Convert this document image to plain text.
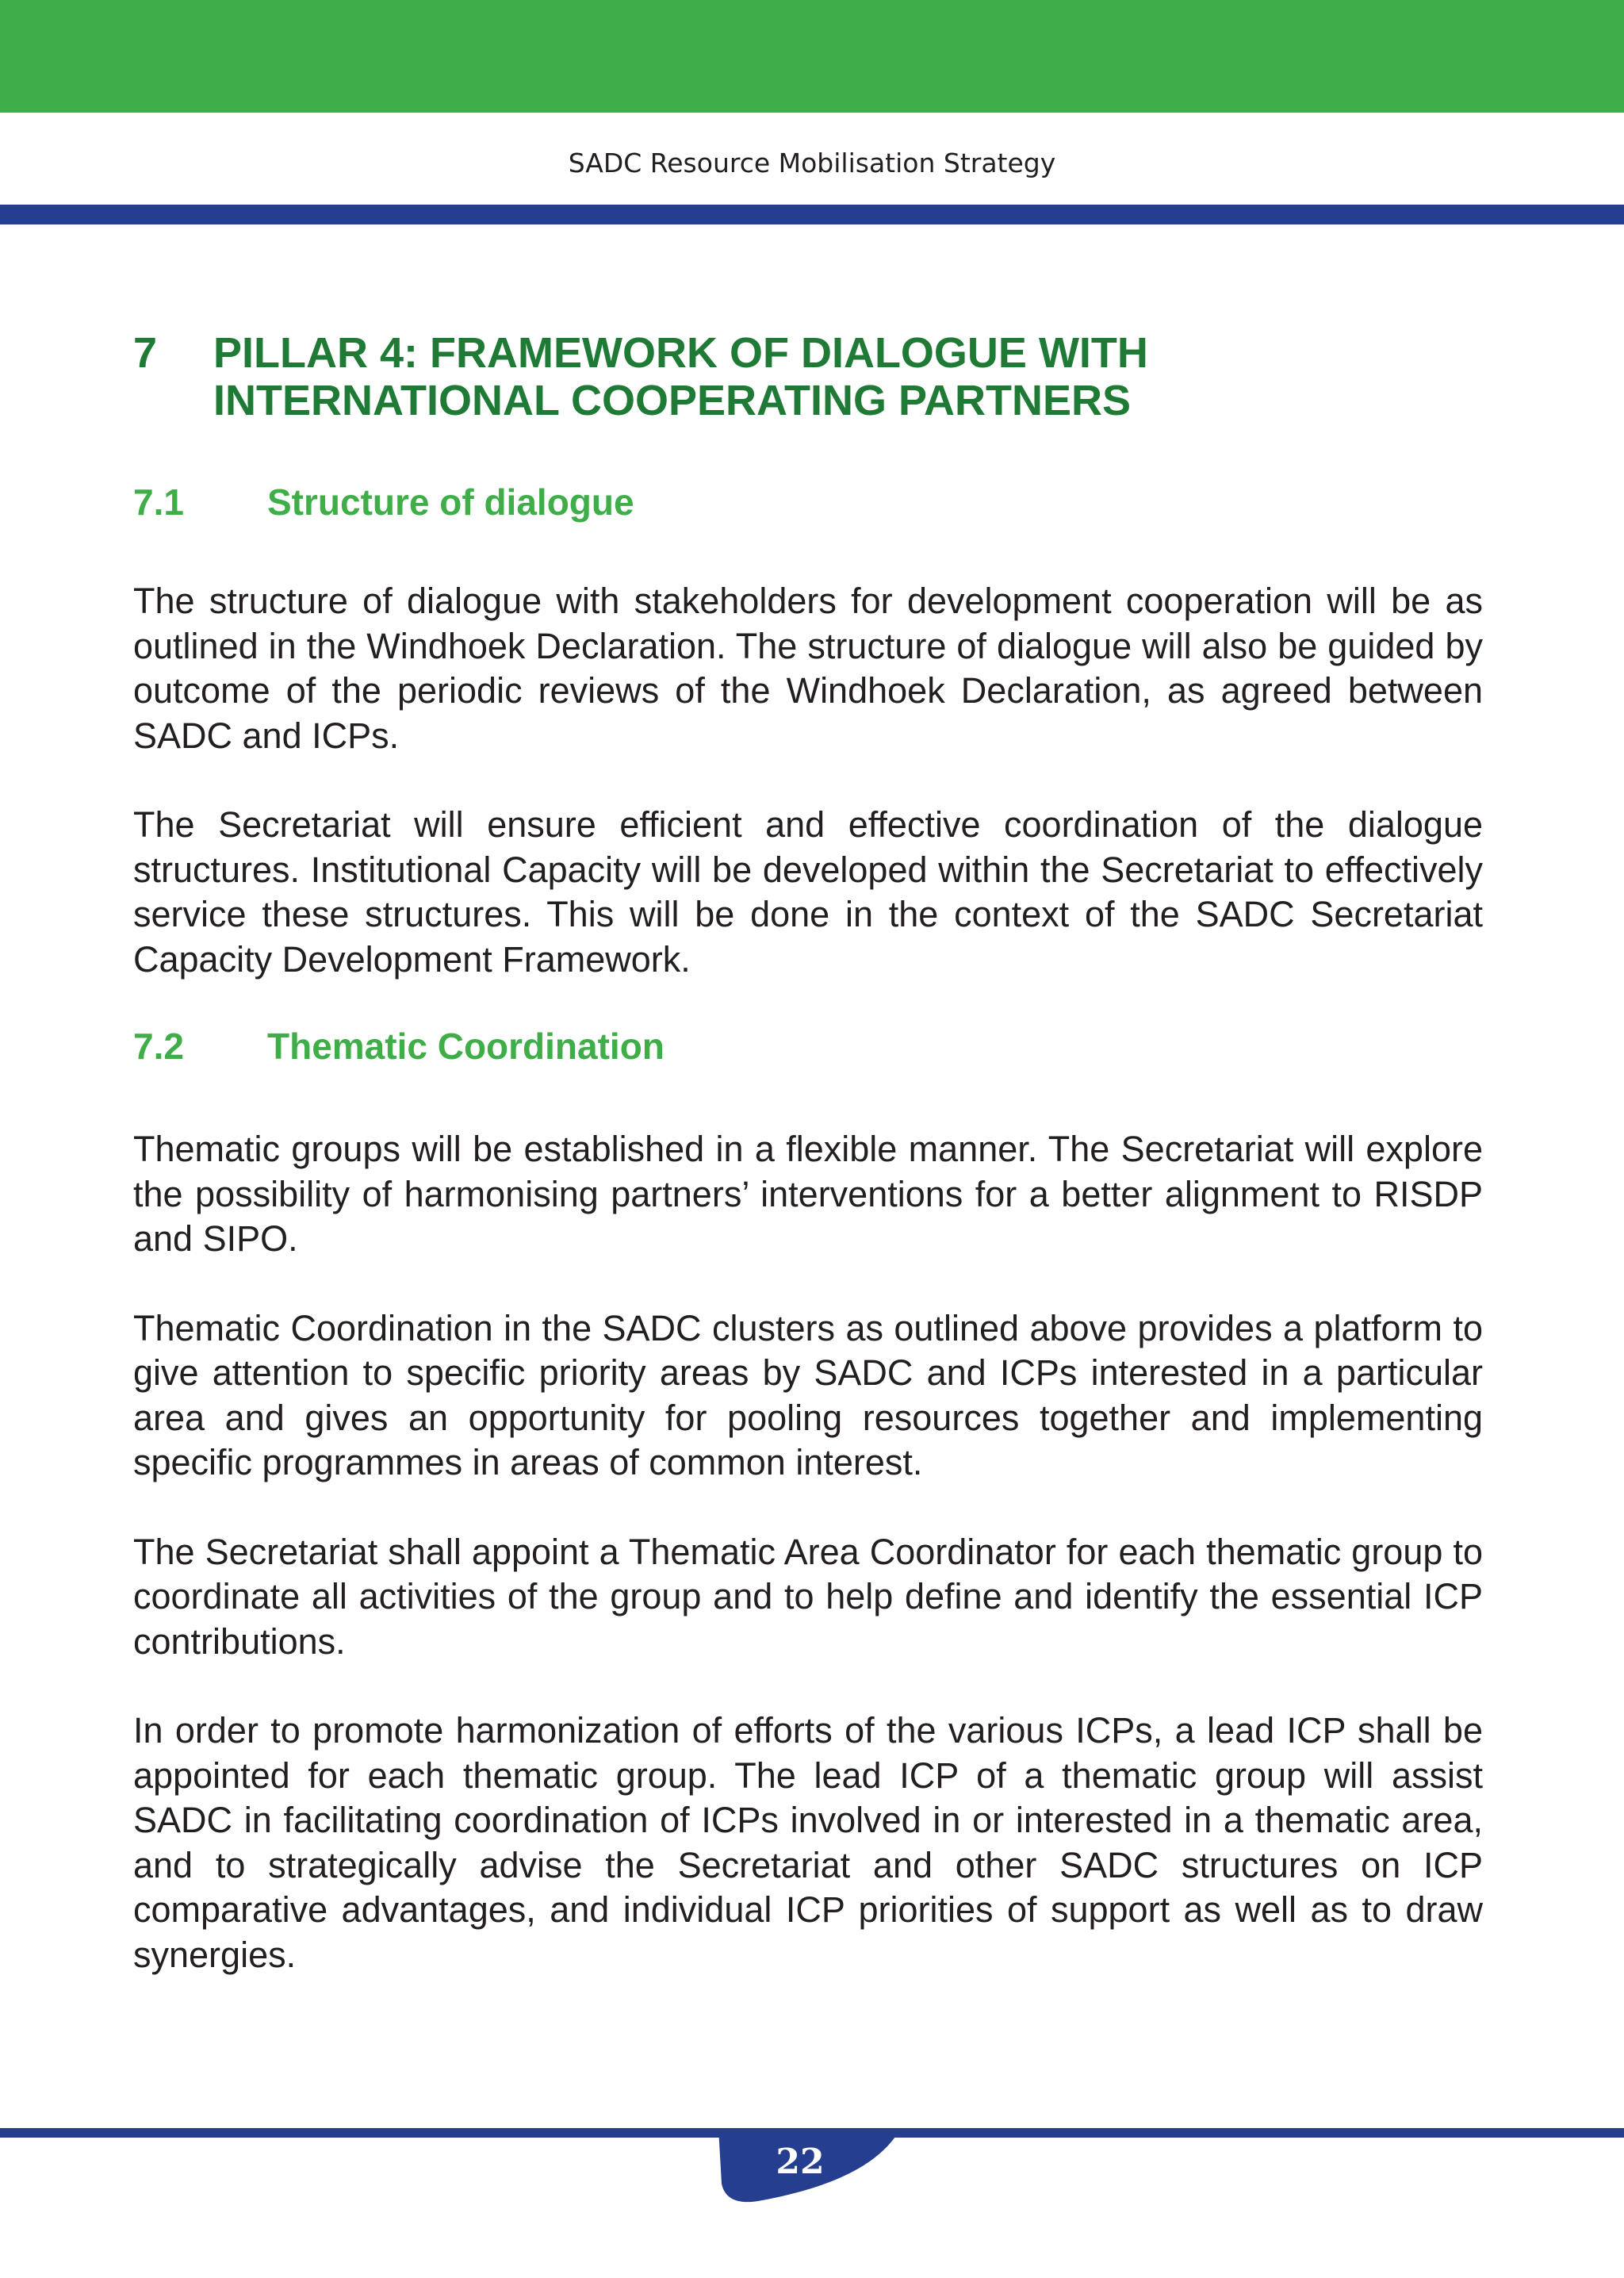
SADC Resource Mobilisation Strategy
7	PILLAR 4: FRAMEWORK OF DIALOGUE WITH INTERNATIONAL COOPERATING PARTNERS
7.1	Structure of dialogue

The structure of dialogue with stakeholders for development cooperation will be as outlined in the Windhoek Declaration. The structure of dialogue will also be guided by outcome of the periodic reviews of the Windhoek Declaration, as agreed between SADC and ICPs.

The Secretariat will ensure efficient and effective coordination of the dialogue structures. Institutional Capacity will be developed within the Secretariat to effectively service these structures. This will be done in the context of the SADC Secretariat Capacity Development Framework.

7.2	Thematic Coordination

Thematic groups will be established in a flexible manner. The Secretariat will explore the possibility of harmonising partners’ interventions for a better alignment to RISDP and SIPO.

Thematic Coordination in the SADC clusters as outlined above provides a platform to give attention to specific priority areas by SADC and ICPs interested in a particular area and gives an opportunity for pooling resources together and implementing specific programmes in areas of common interest.

The Secretariat shall appoint a Thematic Area Coordinator for each thematic group to coordinate all activities of the group and to help define and identify the essential ICP contributions.

In order to promote harmonization of efforts of the various ICPs, a lead ICP shall be appointed for each thematic group. The lead ICP of a thematic group will assist SADC in facilitating coordination of ICPs involved in or interested in a thematic area, and to strategically advise the Secretariat and other SADC structures on ICP comparative advantages, and individual ICP priorities of support as well as to draw synergies.

22
